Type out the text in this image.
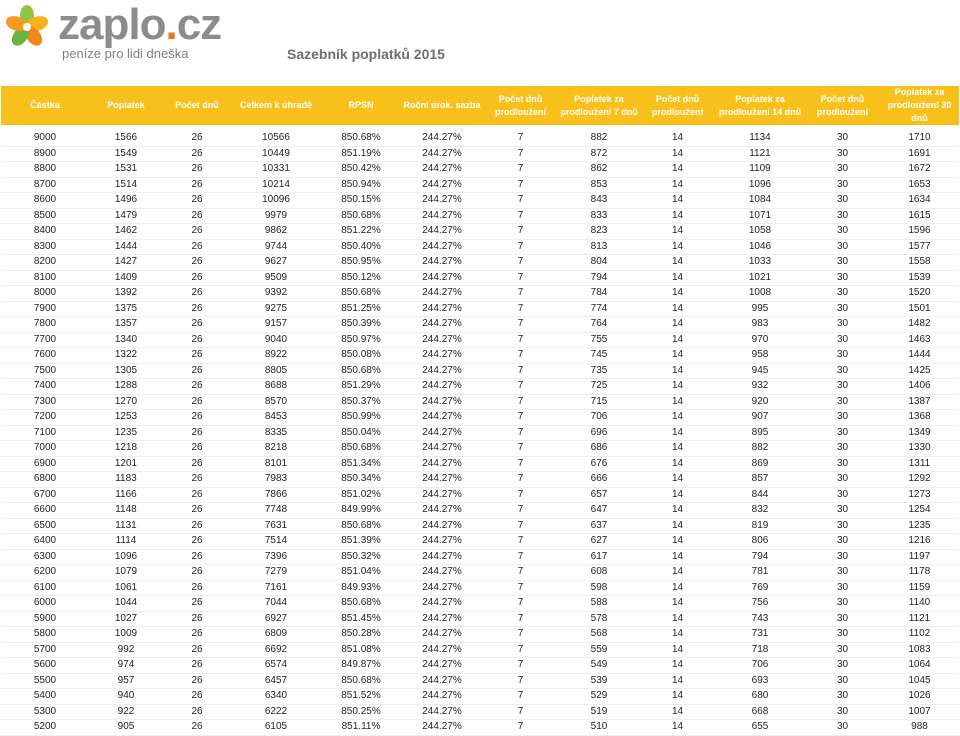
zaplo.cz
peníze pro lidi dneška	Sazebník poplatků 2015
Částka	Poplatek	Počet dnů	Celkem k úhradě	RPSN	Roční úrok. sazba	Počet dnů prodloužení	Poplatek za prodloužení 7 dnů	Počet dnů prodloužení	Poplatek za prodloužení 14 dnů	Počet dnů prodloužení	Poplatek za prodloužení 30 dnů

9000	1566	26	10566	850.68%	244.27%	7	882	14	1134	30	1710
8900	1549	26	10449	851.19%	244.27%	7	872	14	1121	30	1691
8800	1531	26	10331	850.42%	244.27%	7	862	14	1109	30	1672
8700	1514	26	10214	850.94%	244.27%	7	853	14	1096	30	1653
8600	1496	26	10096	850.15%	244.27%	7	843	14	1084	30	1634
8500	1479	26	9979	850.68%	244.27%	7	833	14	1071	30	1615
8400	1462	26	9862	851.22%	244.27%	7	823	14	1058	30	1596
8300	1444	26	9744	850.40%	244.27%	7	813	14	1046	30	1577
8200	1427	26	9627	850.95%	244.27%	7	804	14	1033	30	1558
8100	1409	26	9509	850.12%	244.27%	7	794	14	1021	30	1539
8000	1392	26	9392	850.68%	244.27%	7	784	14	1008	30	1520
7900	1375	26	9275	851.25%	244.27%	7	774	14	995	30	1501
7800	1357	26	9157	850.39%	244.27%	7	764	14	983	30	1482
7700	1340	26	9040	850.97%	244.27%	7	755	14	970	30	1463
7600	1322	26	8922	850.08%	244.27%	7	745	14	958	30	1444
7500	1305	26	8805	850.68%	244.27%	7	735	14	945	30	1425
7400	1288	26	8688	851.29%	244.27%	7	725	14	932	30	1406
7300	1270	26	8570	850.37%	244.27%	7	715	14	920	30	1387
7200	1253	26	8453	850.99%	244.27%	7	706	14	907	30	1368
7100	1235	26	8335	850.04%	244.27%	7	696	14	895	30	1349
7000	1218	26	8218	850.68%	244.27%	7	686	14	882	30	1330
6900	1201	26	8101	851.34%	244.27%	7	676	14	869	30	1311
6800	1183	26	7983	850.34%	244.27%	7	666	14	857	30	1292
6700	1166	26	7866	851.02%	244.27%	7	657	14	844	30	1273
6600	1148	26	7748	849.99%	244.27%	7	647	14	832	30	1254
6500	1131	26	7631	850.68%	244.27%	7	637	14	819	30	1235
6400	1114	26	7514	851.39%	244.27%	7	627	14	806	30	1216
6300	1096	26	7396	850.32%	244.27%	7	617	14	794	30	1197
6200	1079	26	7279	851.04%	244.27%	7	608	14	781	30	1178
6100	1061	26	7161	849.93%	244.27%	7	598	14	769	30	1159
6000	1044	26	7044	850.68%	244.27%	7	588	14	756	30	1140
5900	1027	26	6927	851.45%	244.27%	7	578	14	743	30	1121
5800	1009	26	6809	850.28%	244.27%	7	568	14	731	30	1102
5700	992	26	6692	851.08%	244.27%	7	559	14	718	30	1083
5600	974	26	6574	849.87%	244.27%	7	549	14	706	30	1064
5500	957	26	6457	850.68%	244.27%	7	539	14	693	30	1045
5400	940	26	6340	851.52%	244.27%	7	529	14	680	30	1026
5300	922	26	6222	850.25%	244.27%	7	519	14	668	30	1007
5200	905	26	6105	851.11%	244.27%	7	510	14	655	30	988
